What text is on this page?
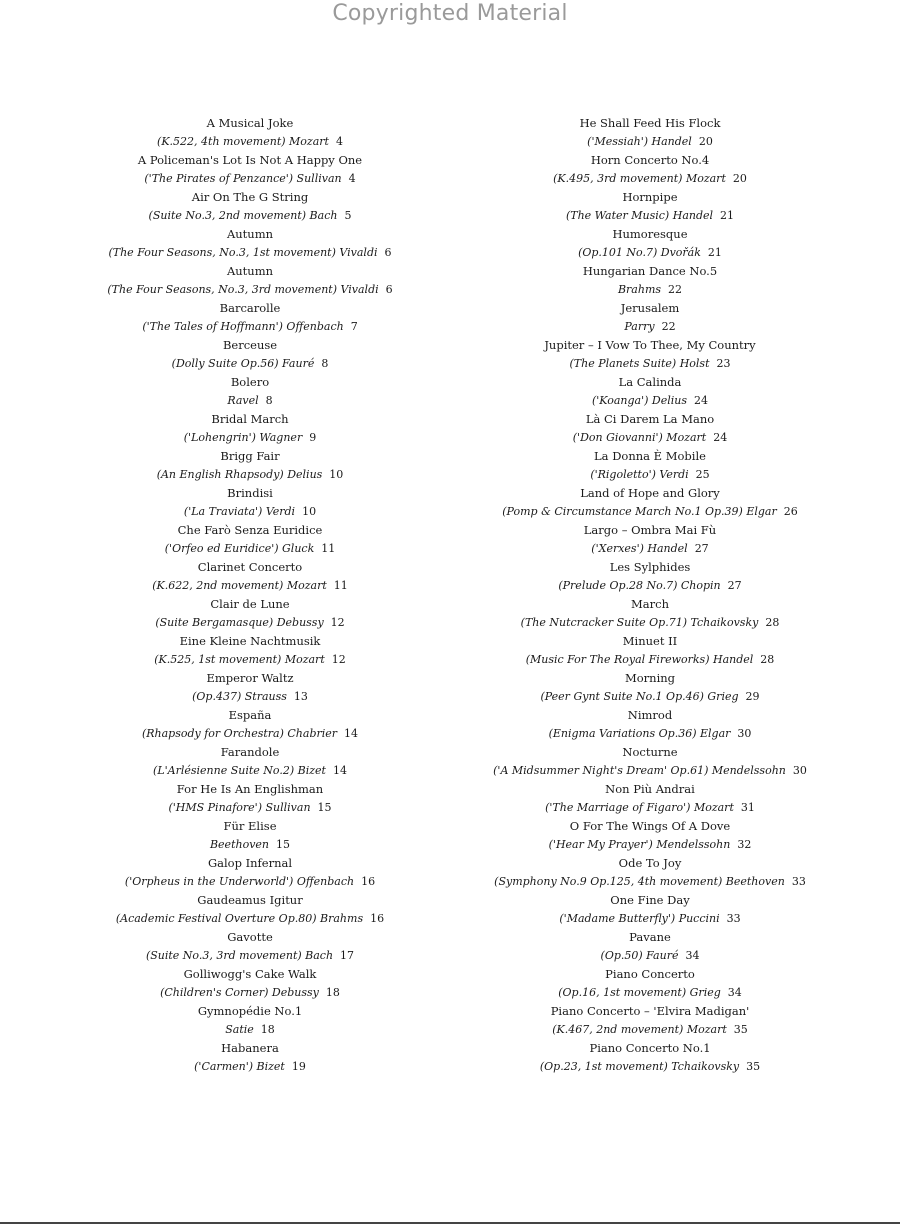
Copyrighted Material
A Musical Joke
(K.522, 4th movement) Mozart 4
A Policeman's Lot Is Not A Happy One
('The Pirates of Penzance') Sullivan 4
Air On The G String
(Suite No.3, 2nd movement) Bach 5
Autumn
(The Four Seasons, No.3, 1st movement) Vivaldi 6
Autumn
(The Four Seasons, No.3, 3rd movement) Vivaldi 6
Barcarolle
('The Tales of Hoffmann') Offenbach 7
Berceuse
(Dolly Suite Op.56) Fauré 8
Bolero
Ravel 8
Bridal March
('Lohengrin') Wagner 9
Brigg Fair
(An English Rhapsody) Delius 10
Brindisi
('La Traviata') Verdi 10
Che Farò Senza Euridice
('Orfeo ed Euridice') Gluck 11
Clarinet Concerto
(K.622, 2nd movement) Mozart 11
Clair de Lune
(Suite Bergamasque) Debussy 12
Eine Kleine Nachtmusik
(K.525, 1st movement) Mozart 12
Emperor Waltz
(Op.437) Strauss 13
España
(Rhapsody for Orchestra) Chabrier 14
Farandole
(L'Arlésienne Suite No.2) Bizet 14
For He Is An Englishman
('HMS Pinafore') Sullivan 15
Für Elise
Beethoven 15
Galop Infernal
('Orpheus in the Underworld') Offenbach 16
Gaudeamus Igitur
(Academic Festival Overture Op.80) Brahms 16
Gavotte
(Suite No.3, 3rd movement) Bach 17
Golliwogg's Cake Walk
(Children's Corner) Debussy 18
Gymnopédie No.1
Satie 18
Habanera
('Carmen') Bizet 19
He Shall Feed His Flock
('Messiah') Handel 20
Horn Concerto No.4
(K.495, 3rd movement) Mozart 20
Hornpipe
(The Water Music) Handel 21
Humoresque
(Op.101 No.7) Dvořák 21
Hungarian Dance No.5
Brahms 22
Jerusalem
Parry 22
Jupiter – I Vow To Thee, My Country
(The Planets Suite) Holst 23
La Calinda
('Koanga') Delius 24
Là Ci Darem La Mano
('Don Giovanni') Mozart 24
La Donna È Mobile
('Rigoletto') Verdi 25
Land of Hope and Glory
(Pomp & Circumstance March No.1 Op.39) Elgar 26
Largo – Ombra Mai Fù
('Xerxes') Handel 27
Les Sylphides
(Prelude Op.28 No.7) Chopin 27
March
(The Nutcracker Suite Op.71) Tchaikovsky 28
Minuet II
(Music For The Royal Fireworks) Handel 28
Morning
(Peer Gynt Suite No.1 Op.46) Grieg 29
Nimrod
(Enigma Variations Op.36) Elgar 30
Nocturne
('A Midsummer Night's Dream' Op.61) Mendelssohn 30
Non Più Andrai
('The Marriage of Figaro') Mozart 31
O For The Wings Of A Dove
('Hear My Prayer') Mendelssohn 32
Ode To Joy
(Symphony No.9 Op.125, 4th movement) Beethoven 33
One Fine Day
('Madame Butterfly') Puccini 33
Pavane
(Op.50) Fauré 34
Piano Concerto
(Op.16, 1st movement) Grieg 34
Piano Concerto – 'Elvira Madigan'
(K.467, 2nd movement) Mozart 35
Piano Concerto No.1
(Op.23, 1st movement) Tchaikovsky 35
